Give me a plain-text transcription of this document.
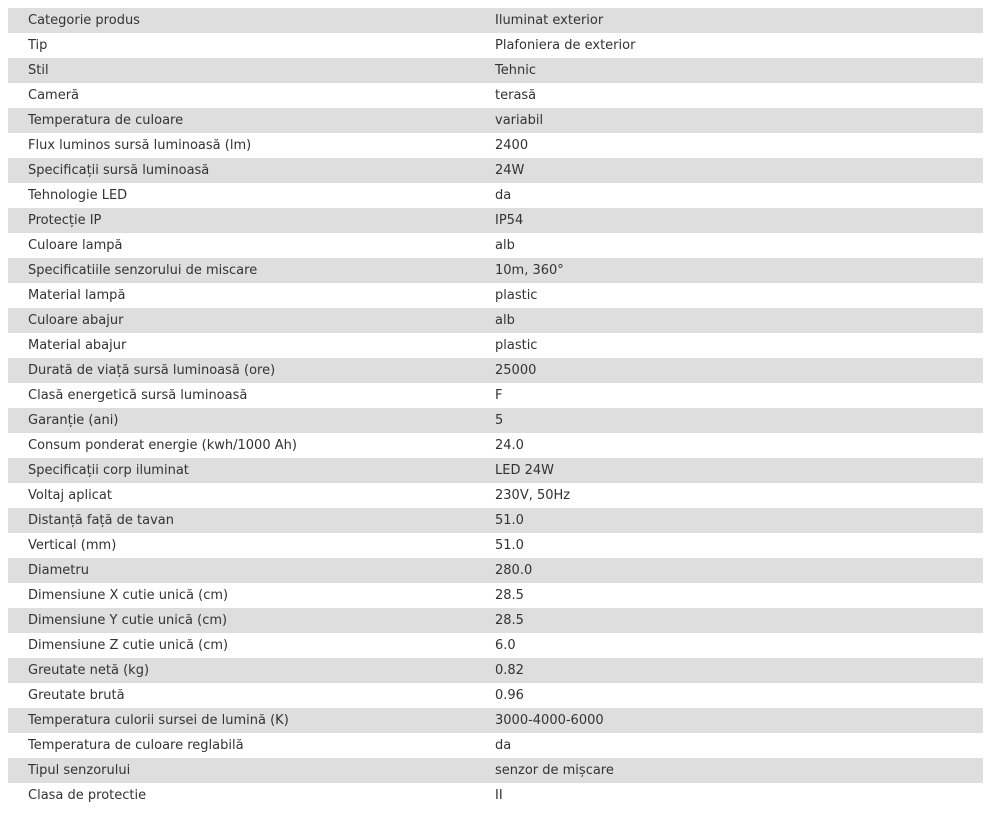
Categorie produs	Iluminat exterior
Tip	Plafoniera de exterior
Stil	Tehnic
Cameră	terasă
Temperatura de culoare	variabil
Flux luminos sursă luminoasă (lm)	2400
Specificații sursă luminoasă	24W
Tehnologie LED	da
Protecție IP	IP54
Culoare lampă	alb
Specificatiile senzorului de miscare	10m, 360°
Material lampă	plastic
Culoare abajur	alb
Material abajur	plastic
Durată de viață sursă luminoasă (ore)	25000
Clasă energetică sursă luminoasă	F
Garanție (ani)	5
Consum ponderat energie (kwh/1000 Ah)	24.0
Specificații corp iluminat	LED 24W
Voltaj aplicat	230V, 50Hz
Distanță față de tavan	51.0
Vertical (mm)	51.0
Diametru	280.0
Dimensiune X cutie unică (cm)	28.5
Dimensiune Y cutie unică (cm)	28.5
Dimensiune Z cutie unică (cm)	6.0
Greutate netă (kg)	0.82
Greutate brută	0.96
Temperatura culorii sursei de lumină (K)	3000-4000-6000
Temperatura de culoare reglabilă	da
Tipul senzorului	senzor de mișcare
Clasa de protectie	II
